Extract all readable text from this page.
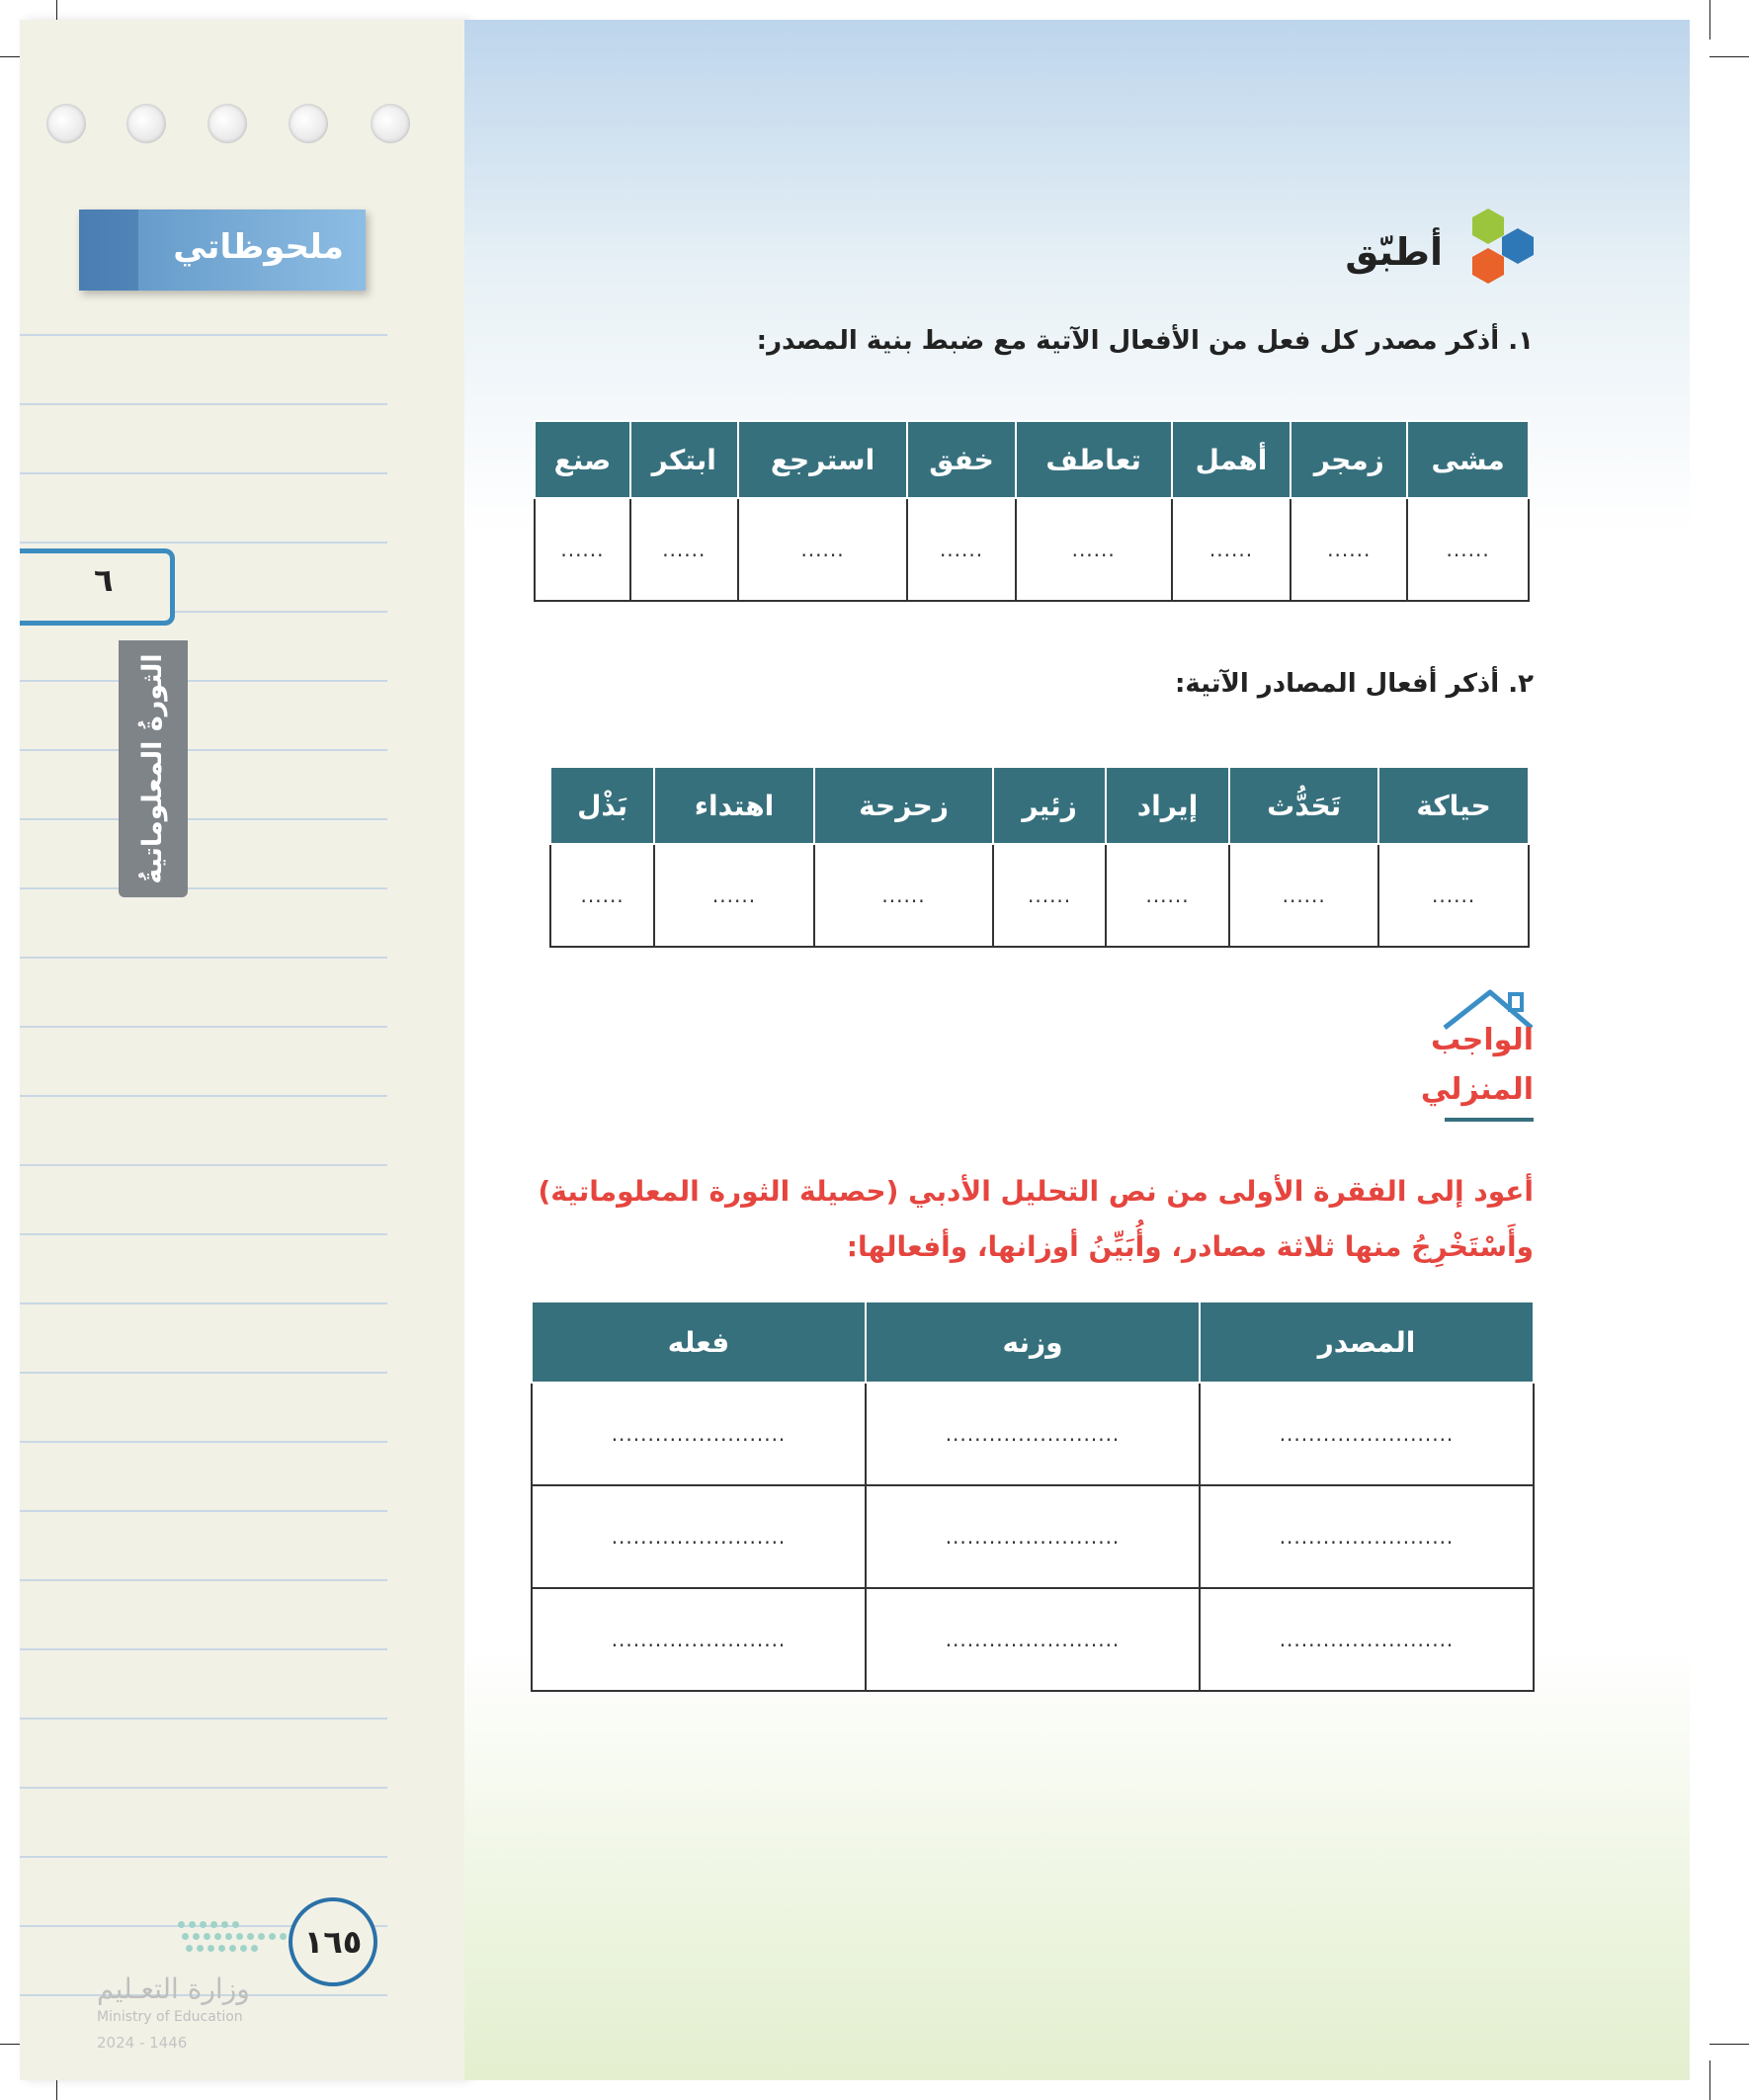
ملحوظاتي
٦
الثورةُ المعلوماتيةُ
١٦٥
وزارة التعـليم
Ministry of Education
2024 - 1446
أطبّق
١. أذكر مصدر كل فعل من الأفعال الآتية مع ضبط بنية المصدر:
مشى	زمجر	أهمل	تعاطف	خفق	استرجع	ابتكر	صنع
......	......	......	......	......	......	......	......
٢. أذكر أفعال المصادر الآتية:
حياكة	تَحَدُّث	إيراد	زئير	زحزحة	اهتداء	بَذْل
......	......	......	......	......	......	......
الواجب
المنزلي
أعود إلى الفقرة الأولى من نص التحليل الأدبي (حصيلة الثورة المعلوماتية)
وأَسْتَخْرِجُ منها ثلاثة مصادر، وأُبَيِّنُ أوزانها، وأفعالها:
المصدر	وزنه	فعله
........................	........................	........................
........................	........................	........................
........................	........................	........................
